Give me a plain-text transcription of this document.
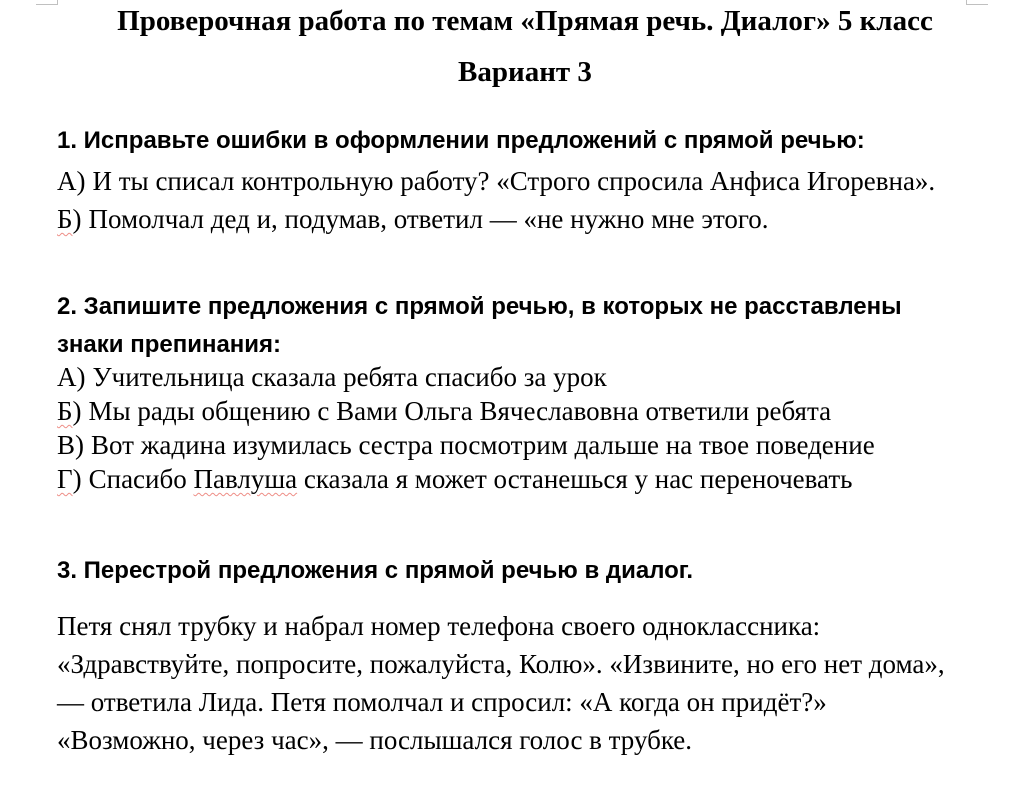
Проверочная работа по темам «Прямая речь. Диалог» 5 класс
Вариант 3
1. Исправьте ошибки в оформлении предложений с прямой речью:
А) И ты списал контрольную работу? «Строго спросила Анфиса Игоревна».
Б) Помолчал дед и, подумав, ответил — «не нужно мне этого.
2. Запишите предложения с прямой речью, в которых не расставлены
знаки препинания:
А) Учительница сказала ребята спасибо за урок
Б) Мы рады общению с Вами Ольга Вячеславовна ответили ребята
В) Вот жадина изумилась сестра посмотрим дальше на твое поведение
Г) Спасибо Павлуша сказала я может останешься у нас переночевать
3. Перестрой предложения с прямой речью в диалог.
Петя снял трубку и набрал номер телефона своего одноклассника:
«Здравствуйте, попросите, пожалуйста, Колю». «Извините, но его нет дома»,
— ответила Лида. Петя помолчал и спросил: «А когда он придёт?»
«Возможно, через час», — послышался голос в трубке.
